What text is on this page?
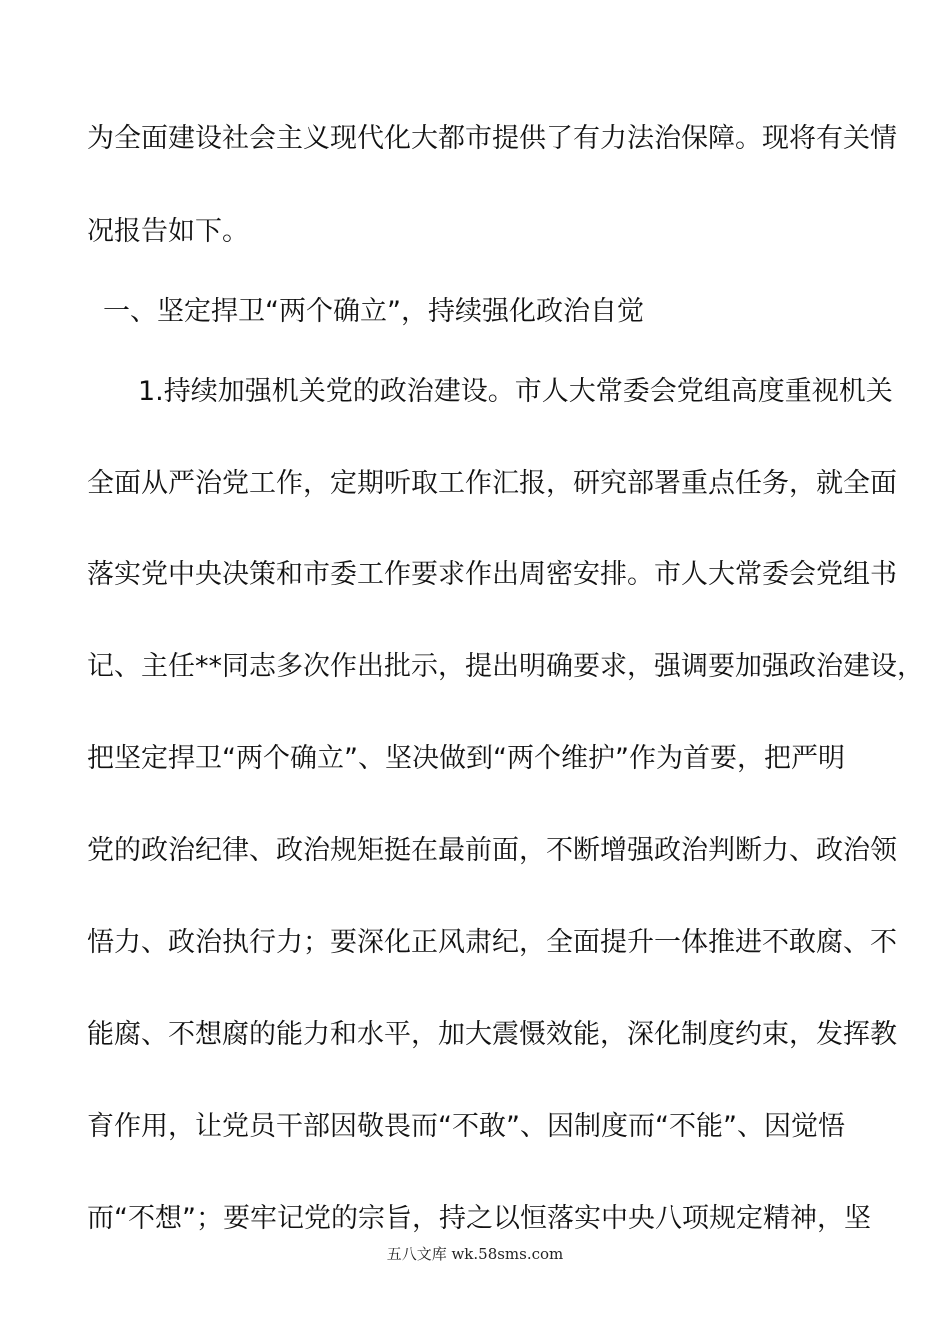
为全面建设社会主义现代化大都市提供了有力法治保障。现将有关情
况报告如下。
一、坚定捍卫“两个确立”，持续强化政治自觉
1.持续加强机关党的政治建设。市人大常委会党组高度重视机关
全面从严治党工作，定期听取工作汇报，研究部署重点任务，就全面
落实党中央决策和市委工作要求作出周密安排。市人大常委会党组书
记、主任**同志多次作出批示，提出明确要求，强调要加强政治建设，
把坚定捍卫“两个确立”、坚决做到“两个维护”作为首要，把严明
党的政治纪律、政治规矩挺在最前面，不断增强政治判断力、政治领
悟力、政治执行力；要深化正风肃纪，全面提升一体推进不敢腐、不
能腐、不想腐的能力和水平，加大震慑效能，深化制度约束，发挥教
育作用，让党员干部因敬畏而“不敢”、因制度而“不能”、因觉悟
而“不想”；要牢记党的宗旨，持之以恒落实中央八项规定精神，坚
五八文库 wk.58sms.com
